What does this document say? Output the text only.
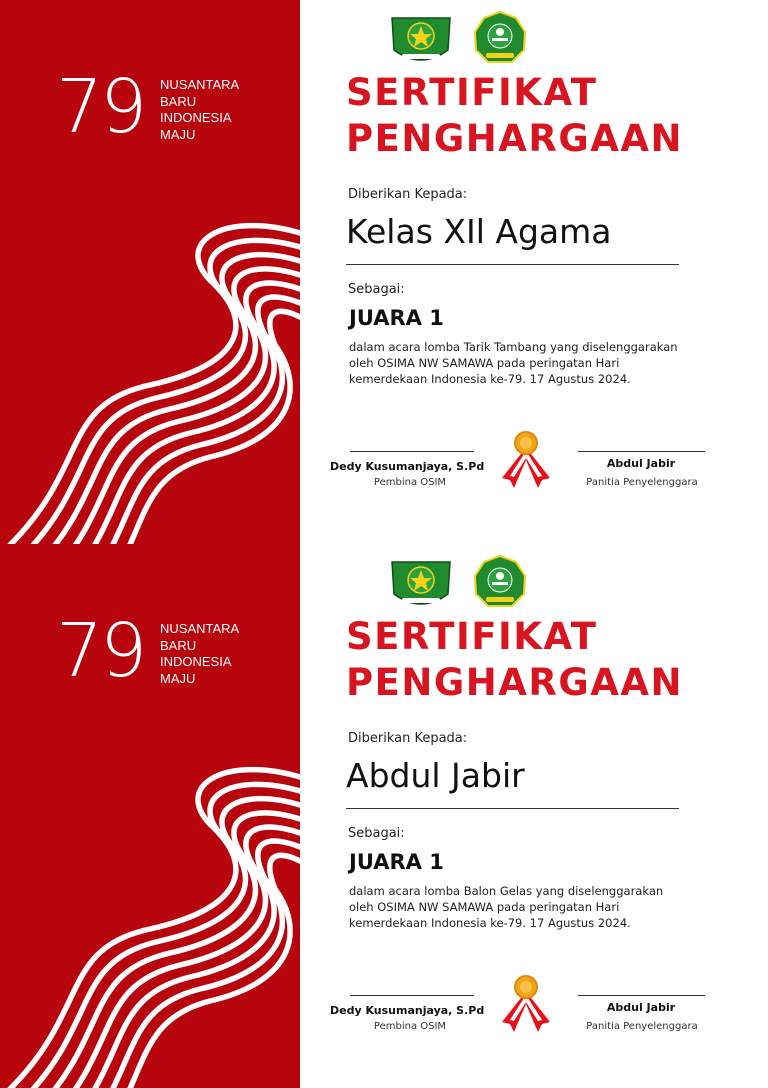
79 NUSANTARA
BARU
INDONESIA
MAJU
SERTIFIKAT
PENGHARGAAN
Diberikan Kepada:
Kelas XIl Agama
Sebagai:
JUARA 1
dalam acara lomba Tarik Tambang yang diselenggarakan
oleh OSIMA NW SAMAWA pada peringatan Hari
kemerdekaan Indonesia ke-79. 17 Agustus 2024.
Dedy Kusumanjaya, S.Pd
Pembina OSIM
Abdul Jabir
Panitia Penyelenggara
79 NUSANTARA
BARU
INDONESIA
MAJU
SERTIFIKAT
PENGHARGAAN
Diberikan Kepada:
Abdul Jabir
Sebagai:
JUARA 1
dalam acara lomba Balon Gelas yang diselenggarakan
oleh OSIMA NW SAMAWA pada peringatan Hari
kemerdekaan Indonesia ke-79. 17 Agustus 2024.
Dedy Kusumanjaya, S.Pd
Pembina OSIM
Abdul Jabir
Panitia Penyelenggara
